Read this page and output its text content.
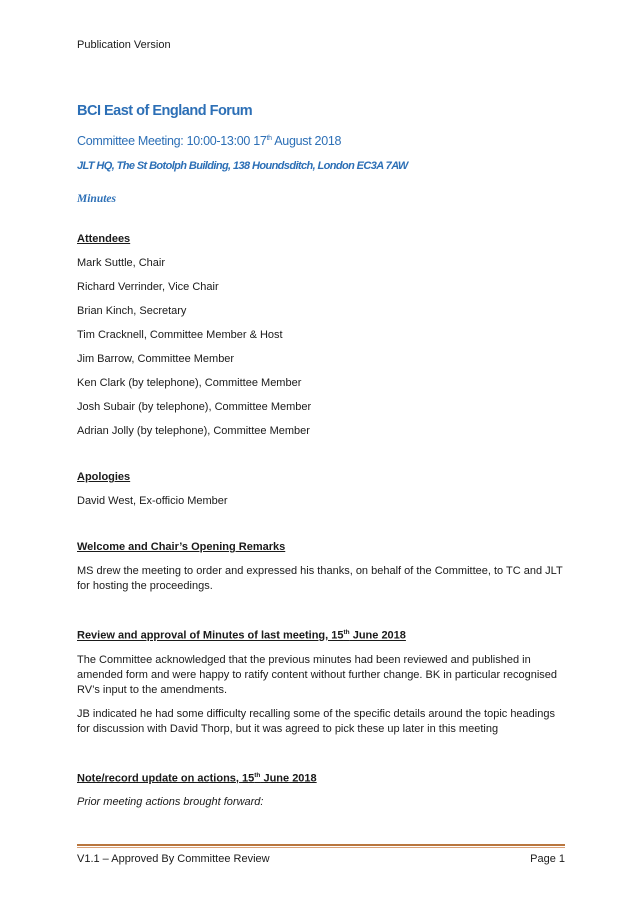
Publication Version
BCI East of England Forum
Committee Meeting: 10:00-13:00 17th August 2018
JLT HQ, The St Botolph Building, 138 Houndsditch, London EC3A 7AW
Minutes
Attendees
Mark Suttle, Chair
Richard Verrinder, Vice Chair
Brian Kinch, Secretary
Tim Cracknell, Committee Member & Host
Jim Barrow, Committee Member
Ken Clark (by telephone), Committee Member
Josh Subair (by telephone), Committee Member
Adrian Jolly (by telephone), Committee Member
Apologies
David West, Ex-officio Member
Welcome and Chair’s Opening Remarks
MS drew the meeting to order and expressed his thanks, on behalf of the Committee, to TC and JLT for hosting the proceedings.
Review and approval of Minutes of last meeting, 15th June 2018
The Committee acknowledged that the previous minutes had been reviewed and published in amended form and were happy to ratify content without further change. BK in particular recognised RV’s input to the amendments.
JB indicated he had some difficulty recalling some of the specific details around the topic headings for discussion with David Thorp, but it was agreed to pick these up later in this meeting
Note/record update on actions, 15th June 2018
Prior meeting actions brought forward:
V1.1 – Approved By Committee Review	Page 1
